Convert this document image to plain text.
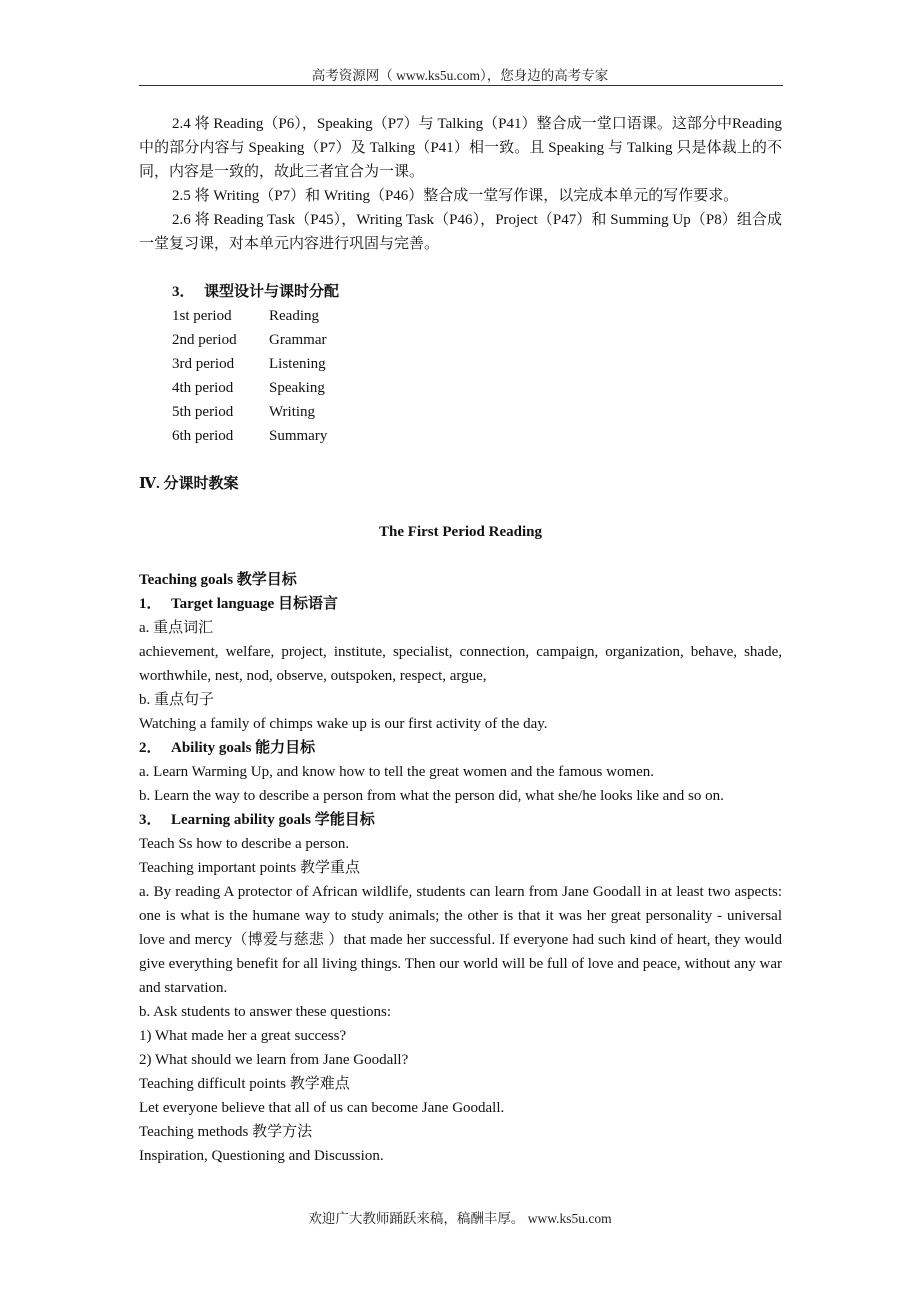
高考资源网（ www.ks5u.com），您身边的高考专家

2.4 将 Reading（P6），Speaking（P7）与 Talking（P41）整合成一堂口语课。这部分中Reading 中的部分内容与 Speaking（P7）及 Talking（P41）相一致。且 Speaking 与 Talking 只是体裁上的不同，内容是一致的，故此三者宜合为一课。

2.5 将 Writing（P7）和 Writing（P46）整合成一堂写作课，以完成本单元的写作要求。

2.6 将 Reading Task（P45），Writing Task（P46），Project（P47）和 Summing Up（P8）组合成一堂复习课，对本单元内容进行巩固与完善。

3． 课型设计与课时分配

1st period Reading

2nd period Grammar

3rd period Listening

4th period Speaking

5th period Writing

6th period Summary

Ⅳ. 分课时教案

The First Period Reading

Teaching goals 教学目标

1． Target language 目标语言

a. 重点词汇

achievement, welfare, project, institute, specialist, connection, campaign, organization, behave, shade, worthwhile, nest, nod, observe, outspoken, respect, argue,

b. 重点句子

Watching a family of chimps wake up is our first activity of the day.

2． Ability goals 能力目标

a. Learn Warming Up, and know how to tell the great women and the famous women.

b. Learn the way to describe a person from what the person did, what she/he looks like and so on.

3． Learning ability goals 学能目标

Teach Ss how to describe a person.

Teaching important points 教学重点

a. By reading A protector of African wildlife, students can learn from Jane Goodall in at least two aspects: one is what is the humane way to study animals; the other is that it was her great personality - universal love and mercy（博爱与慈悲 ）that made her successful. If everyone had such kind of heart, they would give everything benefit for all living things. Then our world will be full of love and peace, without any war and starvation.

b. Ask students to answer these questions:

1) What made her a great success?

2) What should we learn from Jane Goodall?

Teaching difficult points 教学难点

Let everyone believe that all of us can become Jane Goodall.

Teaching methods 教学方法

Inspiration, Questioning and Discussion.

欢迎广大教师踊跃来稿，稿酬丰厚。 www.ks5u.com
